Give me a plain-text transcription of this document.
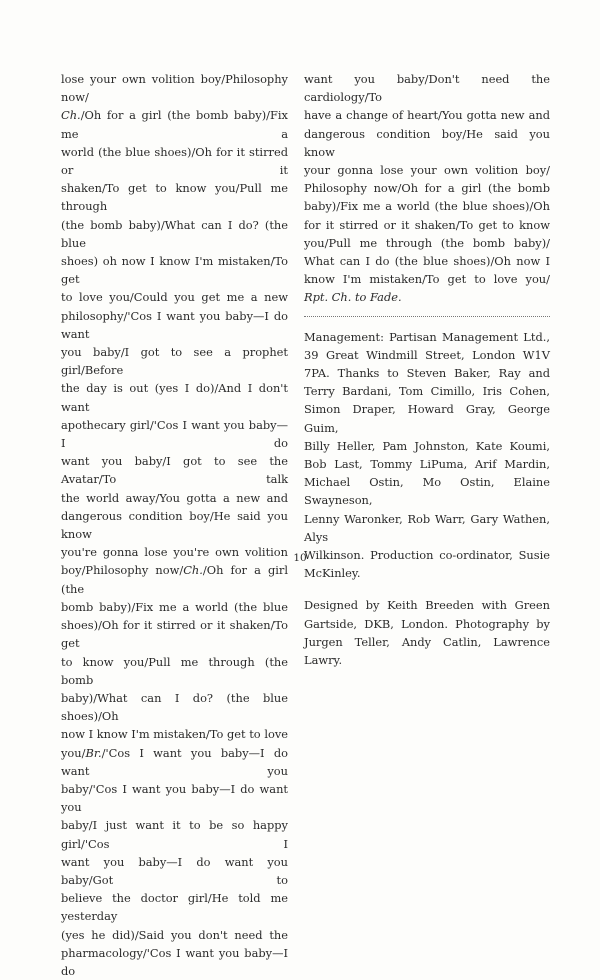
lose your own volition boy/Philosophy now/

Ch./Oh for a girl (the bomb baby)/Fix me a

world (the blue shoes)/Oh for it stirred or it

shaken/To get to know you/Pull me through

(the bomb baby)/What can I do? (the blue

shoes) oh now I know I'm mistaken/To get

to love you/Could you get me a new

philosophy/'Cos I want you baby—I do want

you baby/I got to see a prophet girl/Before

the day is out (yes I do)/And I don't want

apothecary girl/'Cos I want you baby—I do

want you baby/I got to see the Avatar/To talk

the world away/You gotta a new and

dangerous condition boy/He said you know

you're gonna lose you're own volition

boy/Philosophy now/Ch./Oh for a girl (the

bomb baby)/Fix me a world (the blue

shoes)/Oh for it stirred or it shaken/To get

to know you/Pull me through (the bomb

baby)/What can I do? (the blue shoes)/Oh

now I know I'm mistaken/To get to love

you/Br./'Cos I want you baby—I do want you

baby/'Cos I want you baby—I do want you

baby/I just want it to be so happy girl/'Cos I

want you baby—I do want you baby/Got to

believe the doctor girl/He told me yesterday

(yes he did)/Said you don't need the

pharmacology/'Cos I want you baby—I do

want you baby/Don't need the cardiology/To

have a change of heart/You gotta new and

dangerous condition boy/He said you know

your gonna lose your own volition boy/

Philosophy now/Oh for a girl (the bomb

baby)/Fix me a world (the blue shoes)/Oh

for it stirred or it shaken/To get to know

you/Pull me through (the bomb baby)/

What can I do (the blue shoes)/Oh now I

know I'm mistaken/To get to love you/

Rpt. Ch. to Fade.

Management: Partisan Management Ltd.,

39 Great Windmill Street, London W1V

7PA. Thanks to Steven Baker, Ray and

Terry Bardani, Tom Cimillo, Iris Cohen,

Simon Draper, Howard Gray, George Guim,

Billy Heller, Pam Johnston, Kate Koumi,

Bob Last, Tommy LiPuma, Arif Mardin,

Michael Ostin, Mo Ostin, Elaine Swayneson,

Lenny Waronker, Rob Warr, Gary Wathen, Alys

Wilkinson. Production co-ordinator, Susie

McKinley.

Designed by Keith Breeden with Green

Gartside, DKB, London. Photography by

Jurgen Teller, Andy Catlin, Lawrence

Lawry.

10
